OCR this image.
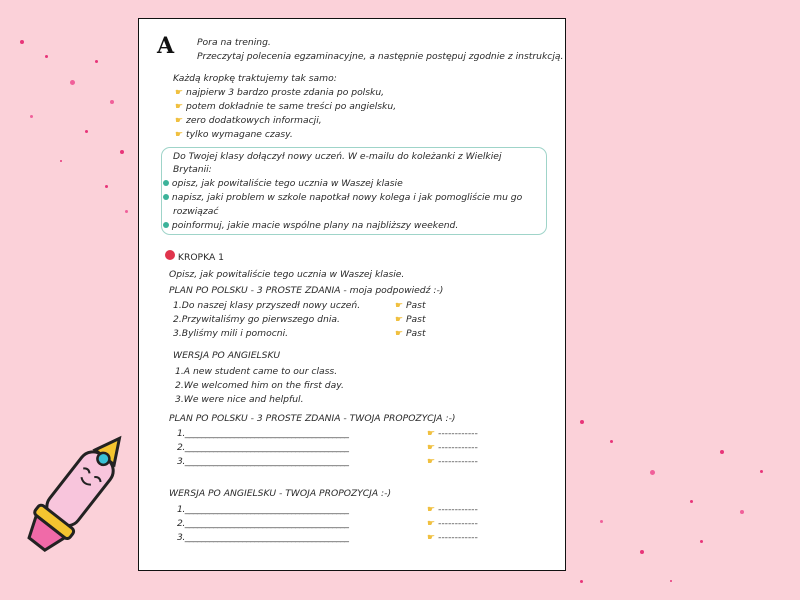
A Pora na trening.
Przeczytaj polecenia egzaminacyjne, a następnie postępuj zgodnie z instrukcją.
Każdą kropkę traktujemy tak samo:
☛ najpierw 3 bardzo proste zdania po polsku,
☛ potem dokładnie te same treści po angielsku,
☛ zero dodatkowych informacji,
☛ tylko wymagane czasy.
Do Twojej klasy dołączył nowy uczeń. W e-mailu do koleżanki z Wielkiej
Brytanii:
opisz, jak powitaliście tego ucznia w Waszej klasie
napisz, jaki problem w szkole napotkał nowy kolega i jak pomogliście mu go
rozwiązać
poinformuj, jakie macie wspólne plany na najbliższy weekend.
KROPKA 1
Opisz, jak powitaliście tego ucznia w Waszej klasie.
PLAN PO POLSKU - 3 PROSTE ZDANIA - moja podpowiedź :-)
1.Do naszej klasy przyszedł nowy uczeń.	☛ Past
2.Przywitaliśmy go pierwszego dnia.	☛ Past
3.Byliśmy mili i pomocni.	☛ Past
WERSJA PO ANGIELSKU
1.A new student came to our class.
2.We welcomed him on the first day.
3.We were nice and helpful.
PLAN PO POLSKU - 3 PROSTE ZDANIA - TWOJA PROPOZYCJA :-)
1.________________________________________	☛ ------------
2.________________________________________	☛ ------------
3.________________________________________	☛ ------------
WERSJA PO ANGIELSKU - TWOJA PROPOZYCJA :-)
1.________________________________________	☛ ------------
2.________________________________________	☛ ------------
3.________________________________________	☛ ------------
